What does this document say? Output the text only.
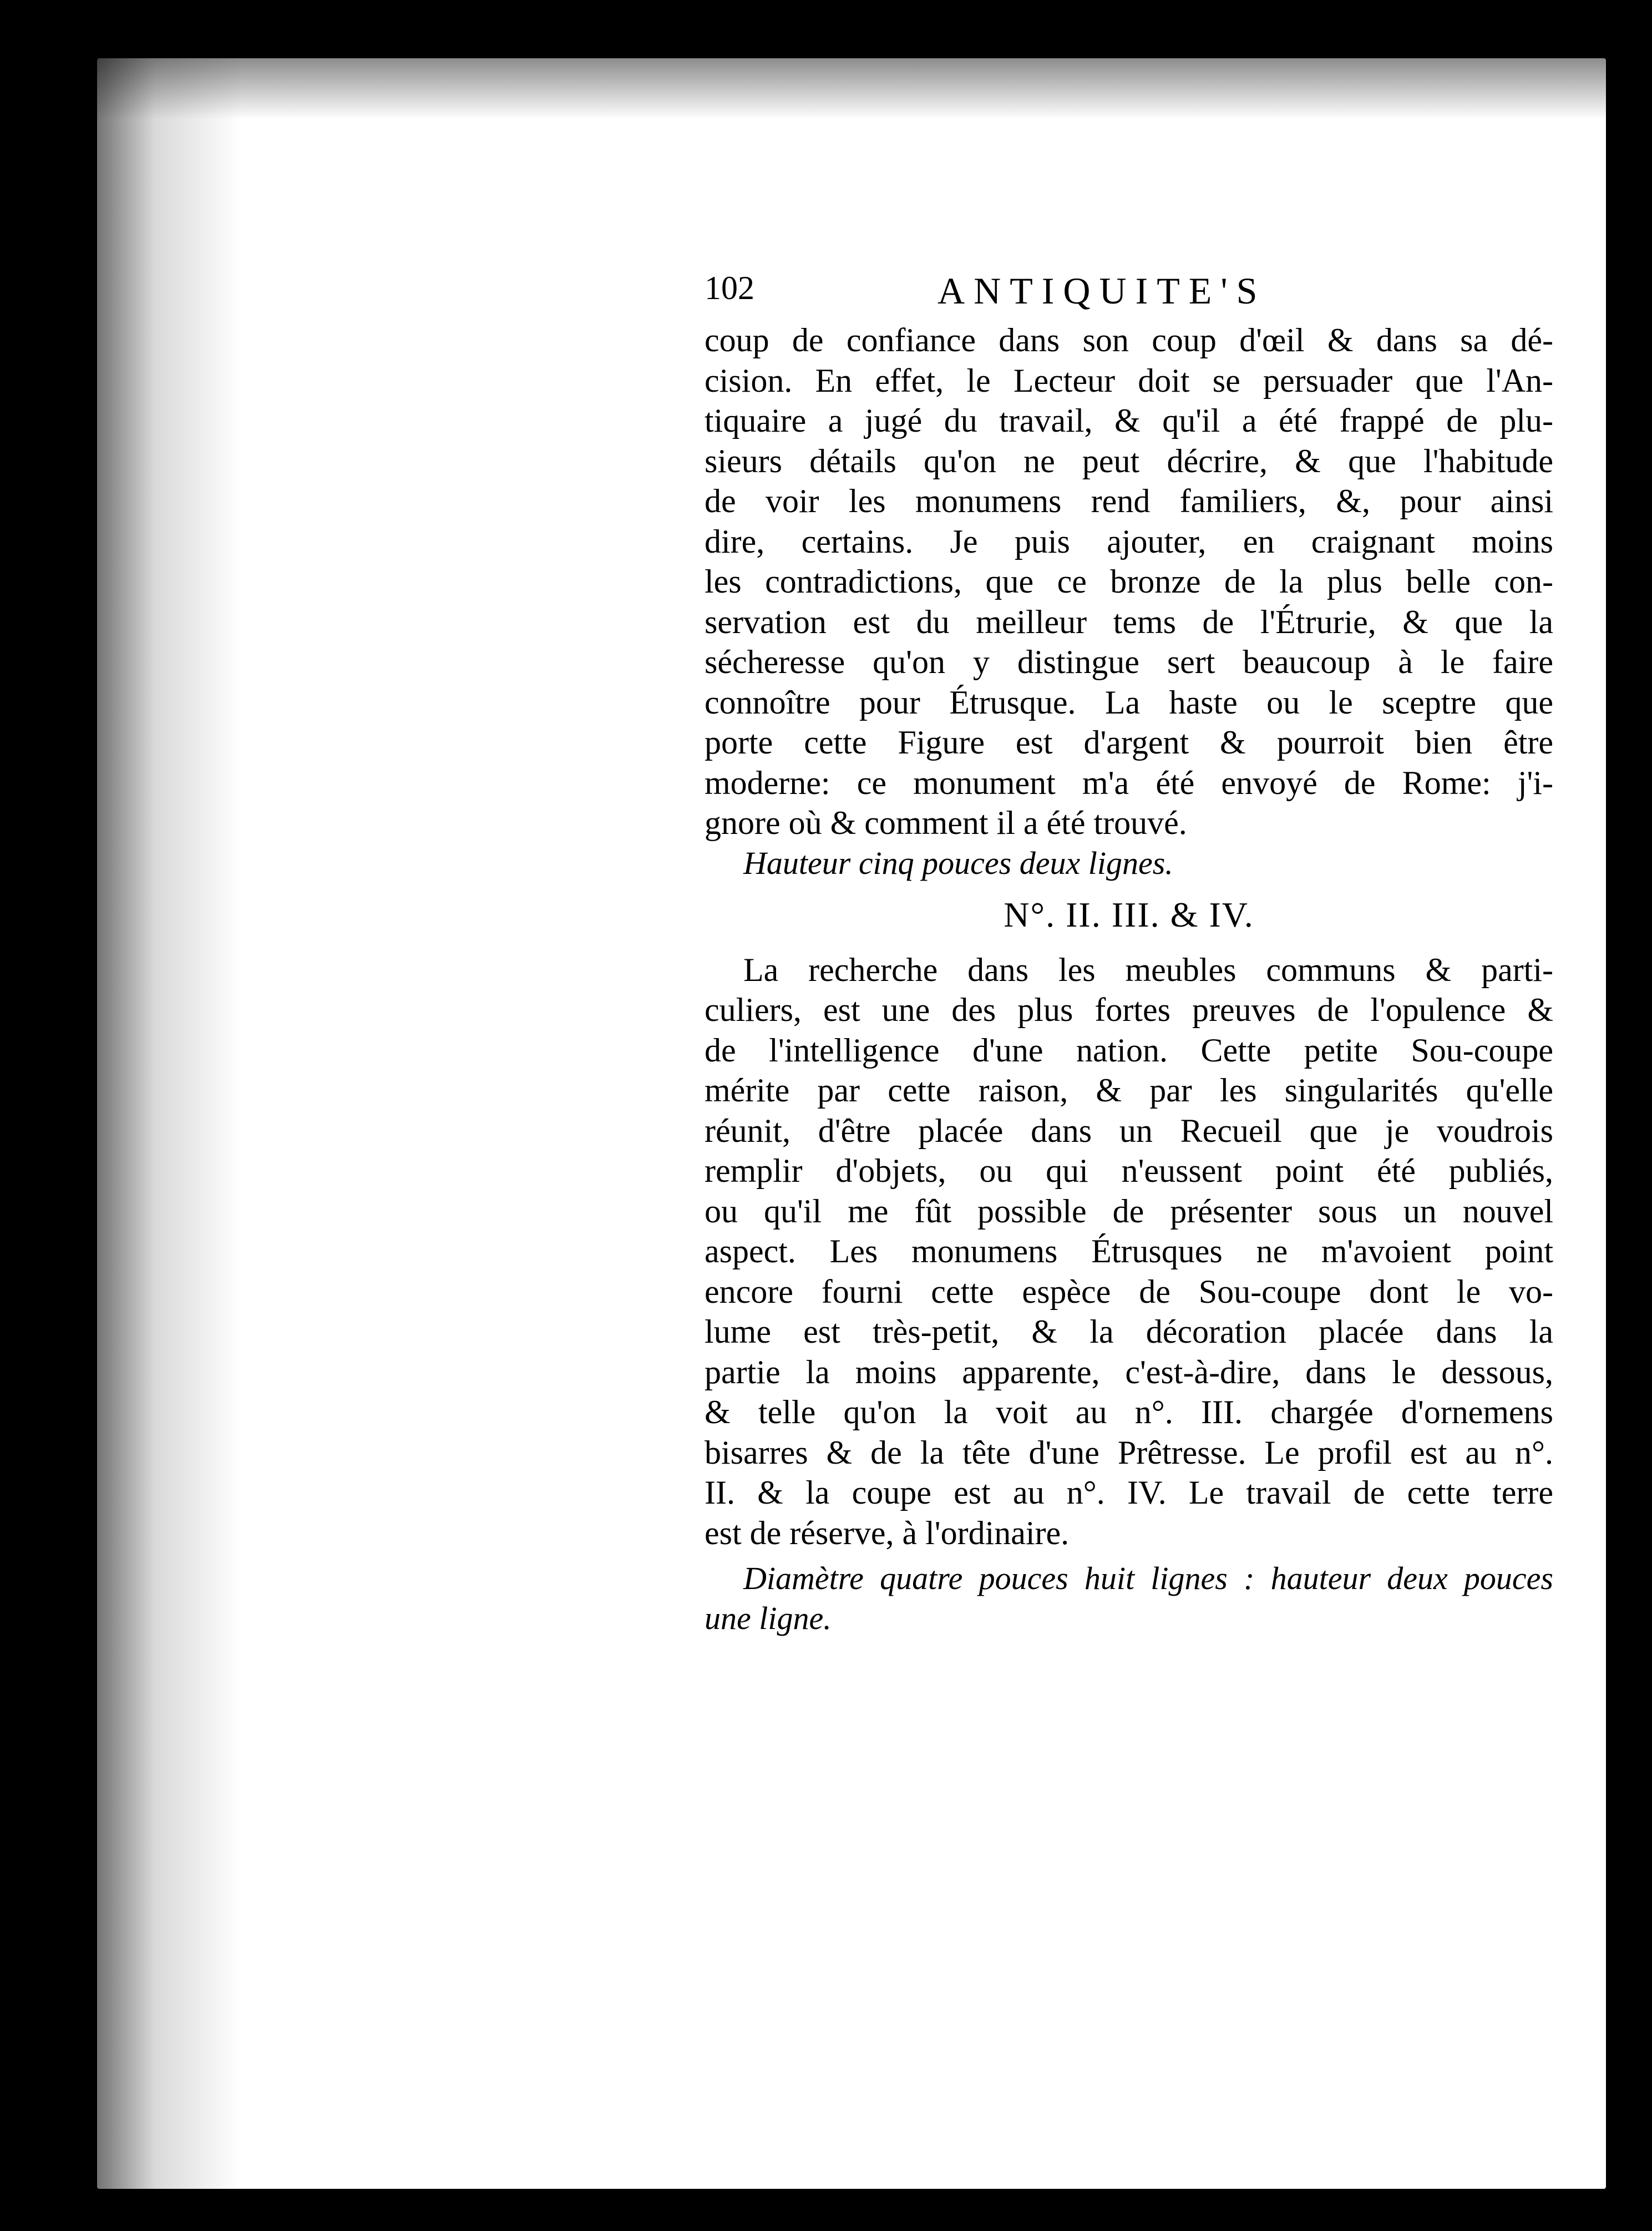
102	ANTIQUITE'S
coup de confiance dans son coup d'œil & dans sa dé-
cision. En effet, le Lecteur doit se persuader que l'An-
tiquaire a jugé du travail, & qu'il a été frappé de plu-
sieurs détails qu'on ne peut décrire, & que l'habitude
de voir les monumens rend familiers, &, pour ainsi
dire, certains. Je puis ajouter, en craignant moins
les contradictions, que ce bronze de la plus belle con-
servation est du meilleur tems de l'Étrurie, & que la
sécheresse qu'on y distingue sert beaucoup à le faire
connoître pour Étrusque. La haste ou le sceptre que
porte cette Figure est d'argent & pourroit bien être
moderne: ce monument m'a été envoyé de Rome: j'i-
gnore où & comment il a été trouvé.

Hauteur cinq pouces deux lignes.

N°. II. III. & IV.
La recherche dans les meubles communs & parti-
culiers, est une des plus fortes preuves de l'opulence &
de l'intelligence d'une nation. Cette petite Sou-coupe
mérite par cette raison, & par les singularités qu'elle
réunit, d'être placée dans un Recueil que je voudrois
remplir d'objets, ou qui n'eussent point été publiés,
ou qu'il me fût possible de présenter sous un nouvel
aspect. Les monumens Étrusques ne m'avoient point
encore fourni cette espèce de Sou-coupe dont le vo-
lume est très-petit, & la décoration placée dans la
partie la moins apparente, c'est-à-dire, dans le dessous,
& telle qu'on la voit au n°. III. chargée d'ornemens
bisarres & de la tête d'une Prêtresse. Le profil est au n°.
II. & la coupe est au n°. IV. Le travail de cette terre
est de réserve, à l'ordinaire.
Diamètre quatre pouces huit lignes : hauteur deux pouces
une ligne.
